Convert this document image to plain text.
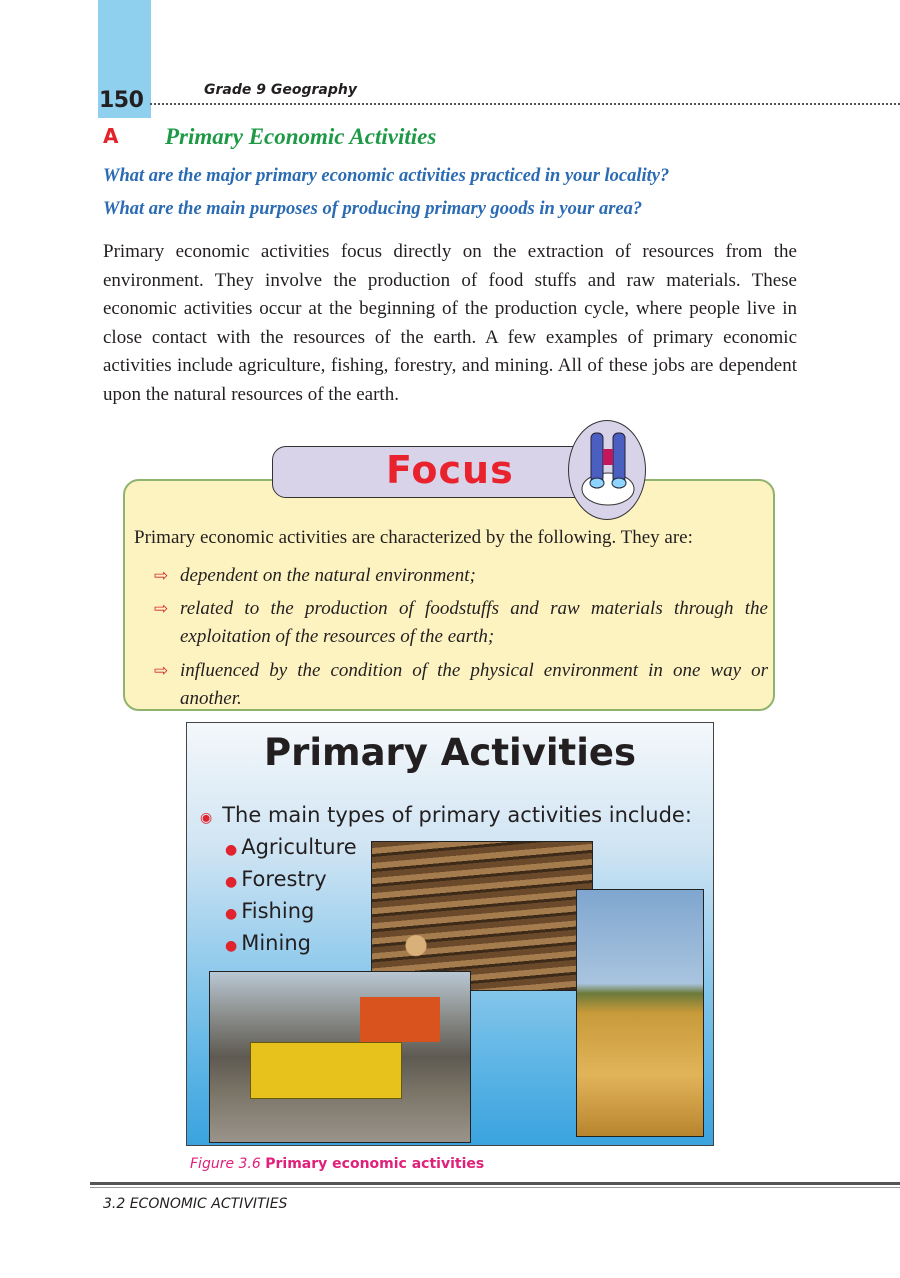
150	Grade 9 Geography
A Primary Economic Activities
What are the major primary economic activities practiced in your locality?
What are the main purposes of producing primary goods in your area?
Primary economic activities focus directly on the extraction of resources from the environment. They involve the production of food stuffs and raw materials. These economic activities occur at the beginning of the production cycle, where people live in close contact with the resources of the earth. A few examples of primary economic activities include agriculture, fishing, forestry, and mining. All of these jobs are dependent upon the natural resources of the earth.
Focus
Primary economic activities are characterized by the following. They are:
⇨ dependent on the natural environment;
⇨ related to the production of foodstuffs and raw materials through the exploitation of the resources of the earth;
⇨ influenced by the condition of the physical environment in one way or another.
Primary Activities
◉ The main types of primary activities include:
● Agriculture
● Forestry
● Fishing
● Mining
Figure 3.6 Primary economic activities
3.2 ECONOMIC ACTIVITIES
